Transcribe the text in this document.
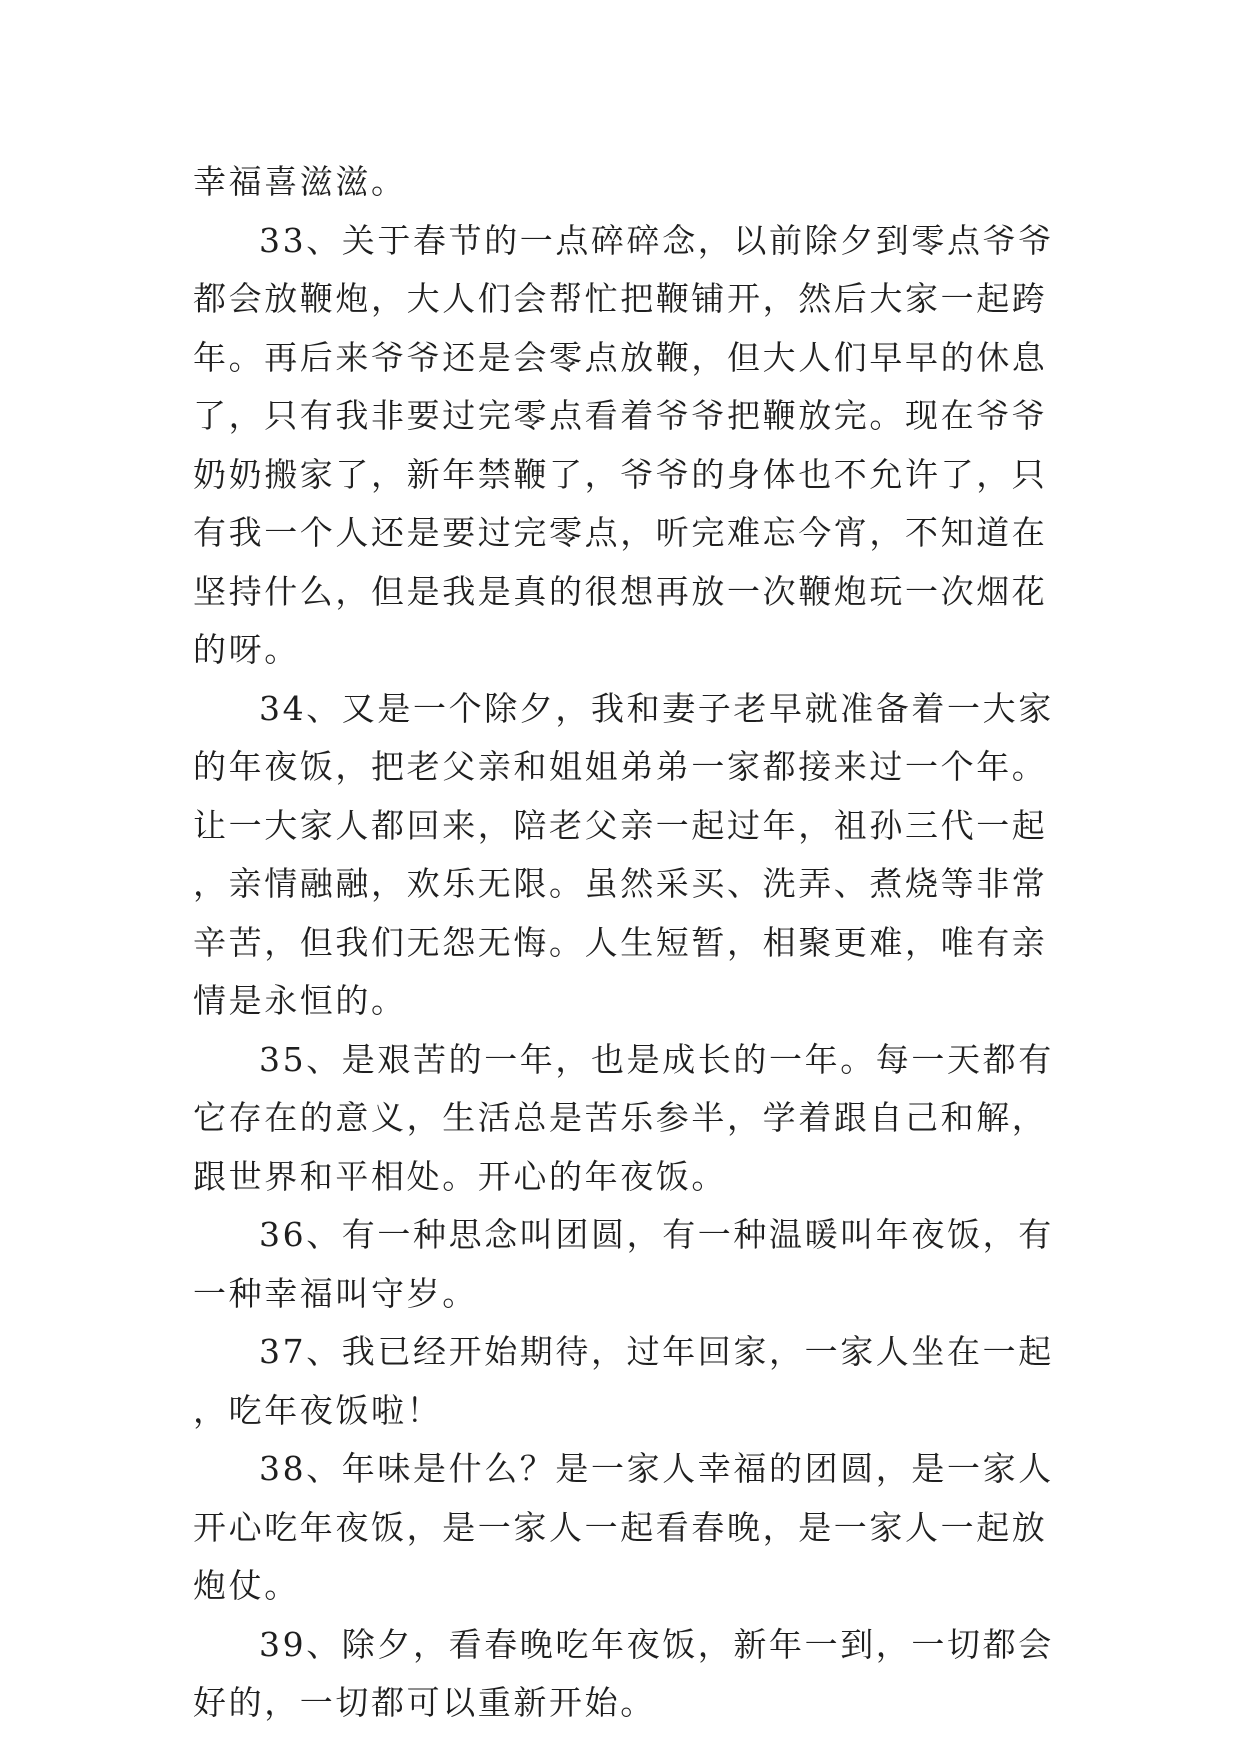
幸福喜滋滋。

33、关于春节的一点碎碎念，以前除夕到零点爷爷都会放鞭炮，大人们会帮忙把鞭铺开，然后大家一起跨年。再后来爷爷还是会零点放鞭，但大人们早早的休息了，只有我非要过完零点看着爷爷把鞭放完。现在爷爷奶奶搬家了，新年禁鞭了，爷爷的身体也不允许了，只有我一个人还是要过完零点，听完难忘今宵，不知道在坚持什么，但是我是真的很想再放一次鞭炮玩一次烟花的呀。

34、又是一个除夕，我和妻子老早就准备着一大家的年夜饭，把老父亲和姐姐弟弟一家都接来过一个年。让一大家人都回来，陪老父亲一起过年，祖孙三代一起，亲情融融，欢乐无限。虽然采买、洗弄、煮烧等非常辛苦，但我们无怨无悔。人生短暂，相聚更难，唯有亲情是永恒的。

35、是艰苦的一年，也是成长的一年。每一天都有它存在的意义，生活总是苦乐参半，学着跟自己和解，跟世界和平相处。开心的年夜饭。

36、有一种思念叫团圆，有一种温暖叫年夜饭，有一种幸福叫守岁。

37、我已经开始期待，过年回家，一家人坐在一起，吃年夜饭啦！

38、年味是什么？是一家人幸福的团圆，是一家人开心吃年夜饭，是一家人一起看春晚，是一家人一起放炮仗。

39、除夕，看春晚吃年夜饭，新年一到，一切都会好的，一切都可以重新开始。
